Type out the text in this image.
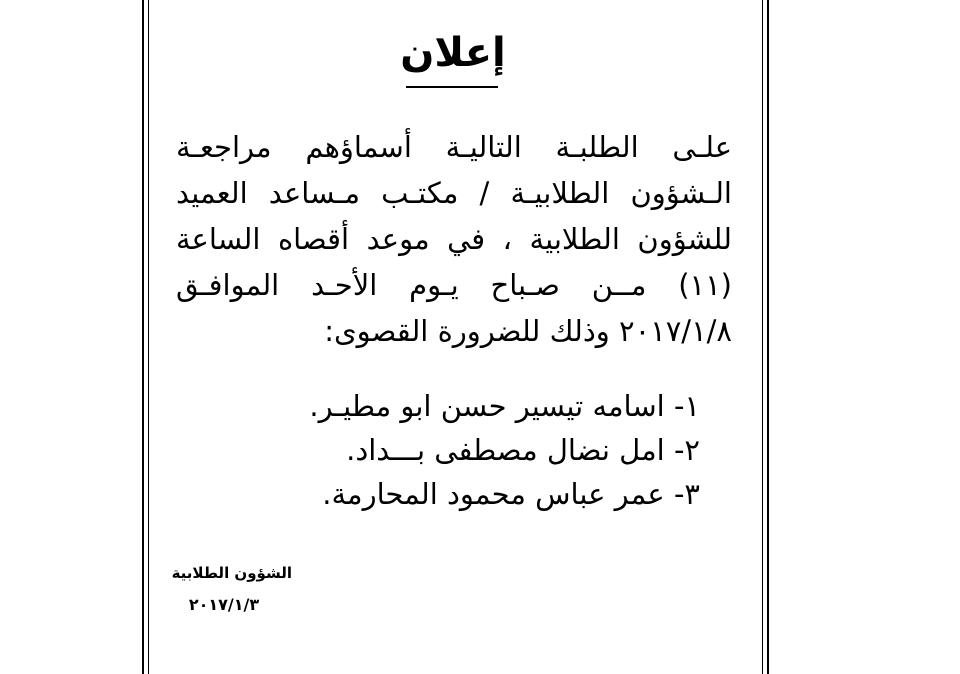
إعلان
علـى الطلبـة التاليـة أسماؤهم مراجعـة
الـشؤون الطلابيـة / مكتـب مـساعد العميد
للشؤون الطلابية ، في موعد أقصاه الساعة
(١١) مــن صـباح يـوم الأحـد الموافـق
٢٠١٧/١/٨ وذلك للضرورة القصوى:
١- اسامه تيسير حسن ابو مطيـر.
٢- امل نضال مصطفى بـــداد.
٣- عمر عباس محمود المحارمة.
الشؤون الطلابية
٢٠١٧/١/٣
